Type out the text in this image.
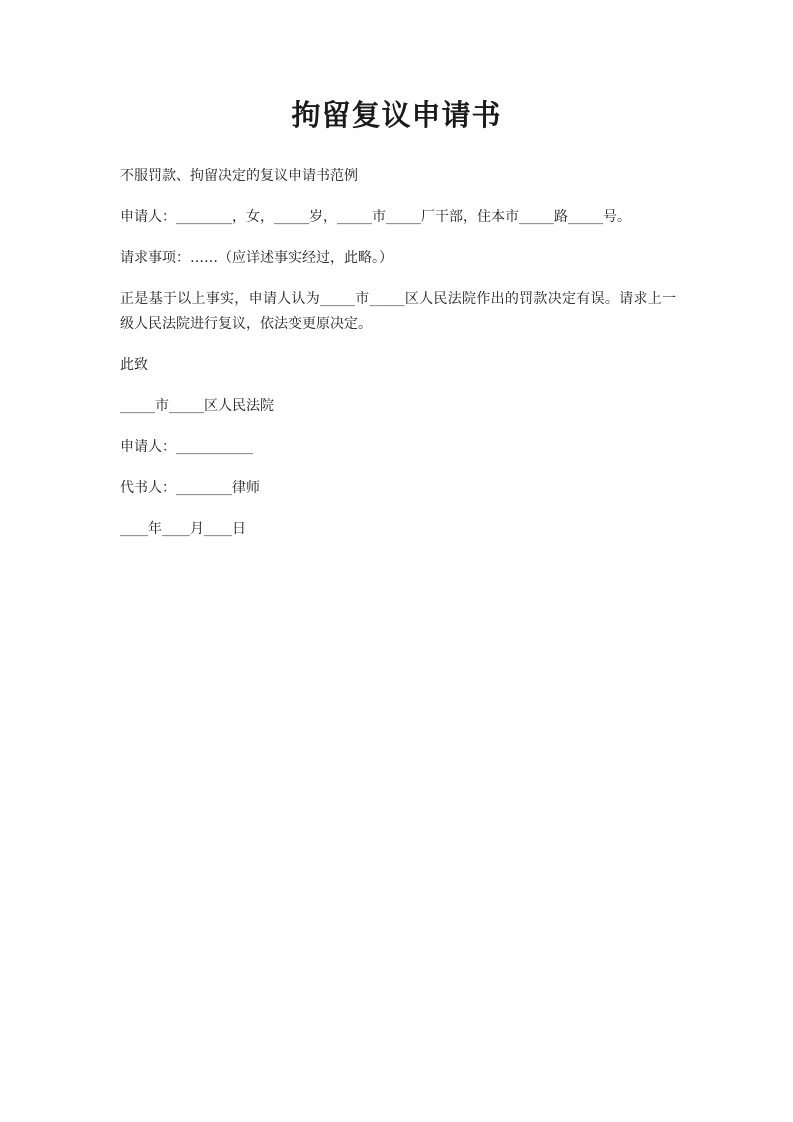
拘留复议申请书

不服罚款、拘留决定的复议申请书范例

申请人：________，女，_____岁，_____市_____厂干部，住本市_____路_____号。

请求事项：……（应详述事实经过，此略。）

正是基于以上事实，申请人认为_____市_____区人民法院作出的罚款决定有误。请求上一级人民法院进行复议，依法变更原决定。

此致

_____市_____区人民法院

申请人：___________

代书人：________律师

____年____月____日
